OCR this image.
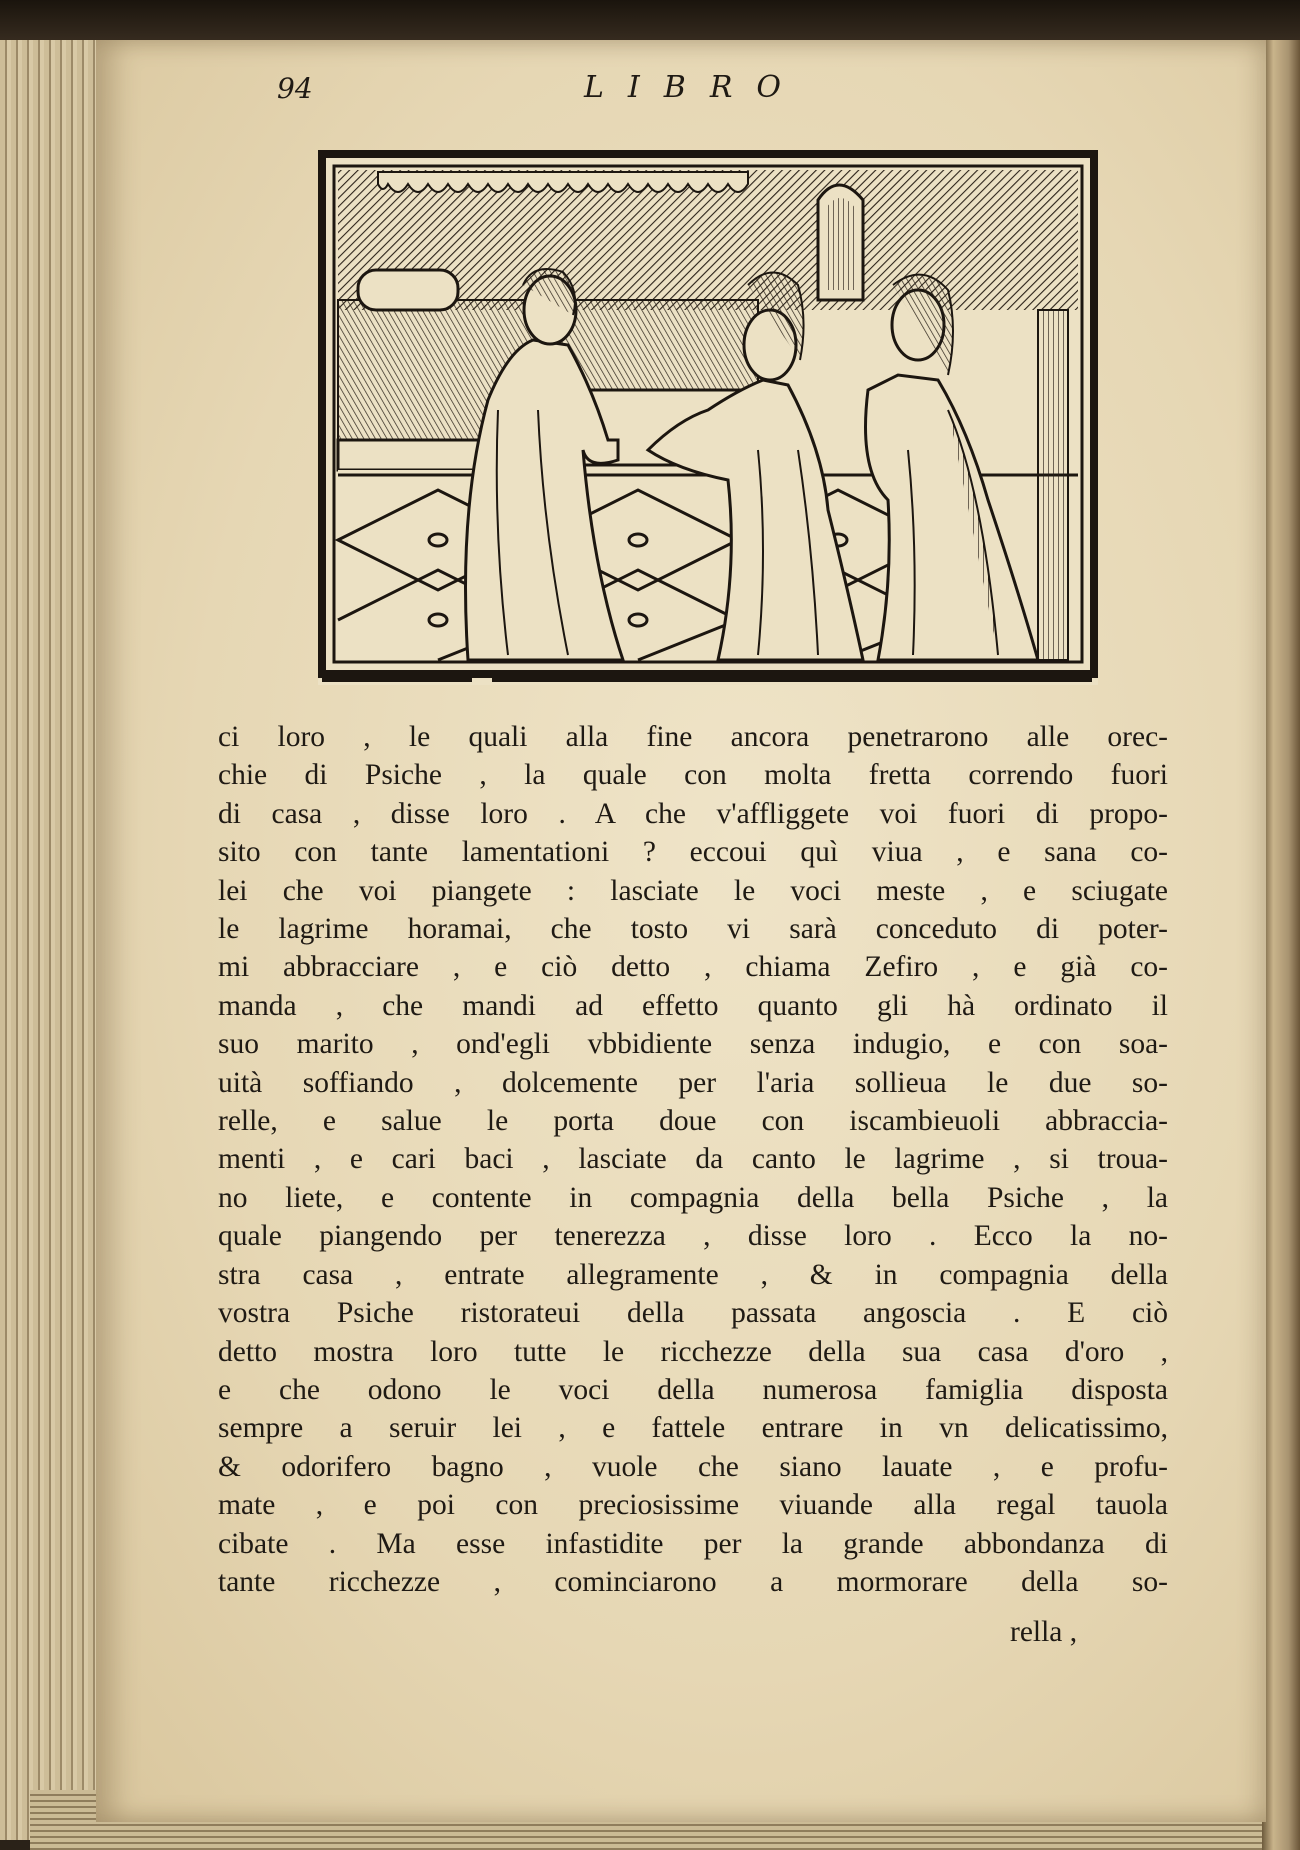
94	LIBRO
ci loro , le quali alla fine ancora penetrarono alle orec-
chie di Psiche , la quale con molta fretta correndo fuori
di casa , disse loro . A che v'affliggete voi fuori di propo-
sito con tante lamentationi ? eccoui quì viua , e sana co-
lei che voi piangete : lasciate le voci meste , e sciugate
le lagrime horamai, che tosto vi sarà conceduto di poter-
mi abbracciare , e ciò detto , chiama Zefiro , e già co-
manda , che mandi ad effetto quanto gli hà ordinato il
suo marito , ond'egli vbbidiente senza indugio, e con soa-
uità soffiando , dolcemente per l'aria sollieua le due so-
relle, e salue le porta doue con iscambieuoli abbraccia-
menti , e cari baci , lasciate da canto le lagrime , si troua-
no liete, e contente in compagnia della bella Psiche , la
quale piangendo per tenerezza , disse loro . Ecco la no-
stra casa , entrate allegramente , & in compagnia della
vostra Psiche ristorateui della passata angoscia . E ciò
detto mostra loro tutte le ricchezze della sua casa d'oro ,
e che odono le voci della numerosa famiglia disposta
sempre a seruir lei , e fattele entrare in vn delicatissimo,
& odorifero bagno , vuole che siano lauate , e profu-
mate , e poi con preciosissime viuande alla regal tauola
cibate . Ma esse infastidite per la grande abbondanza di
tante ricchezze , cominciarono a mormorare della so-
rella ,
